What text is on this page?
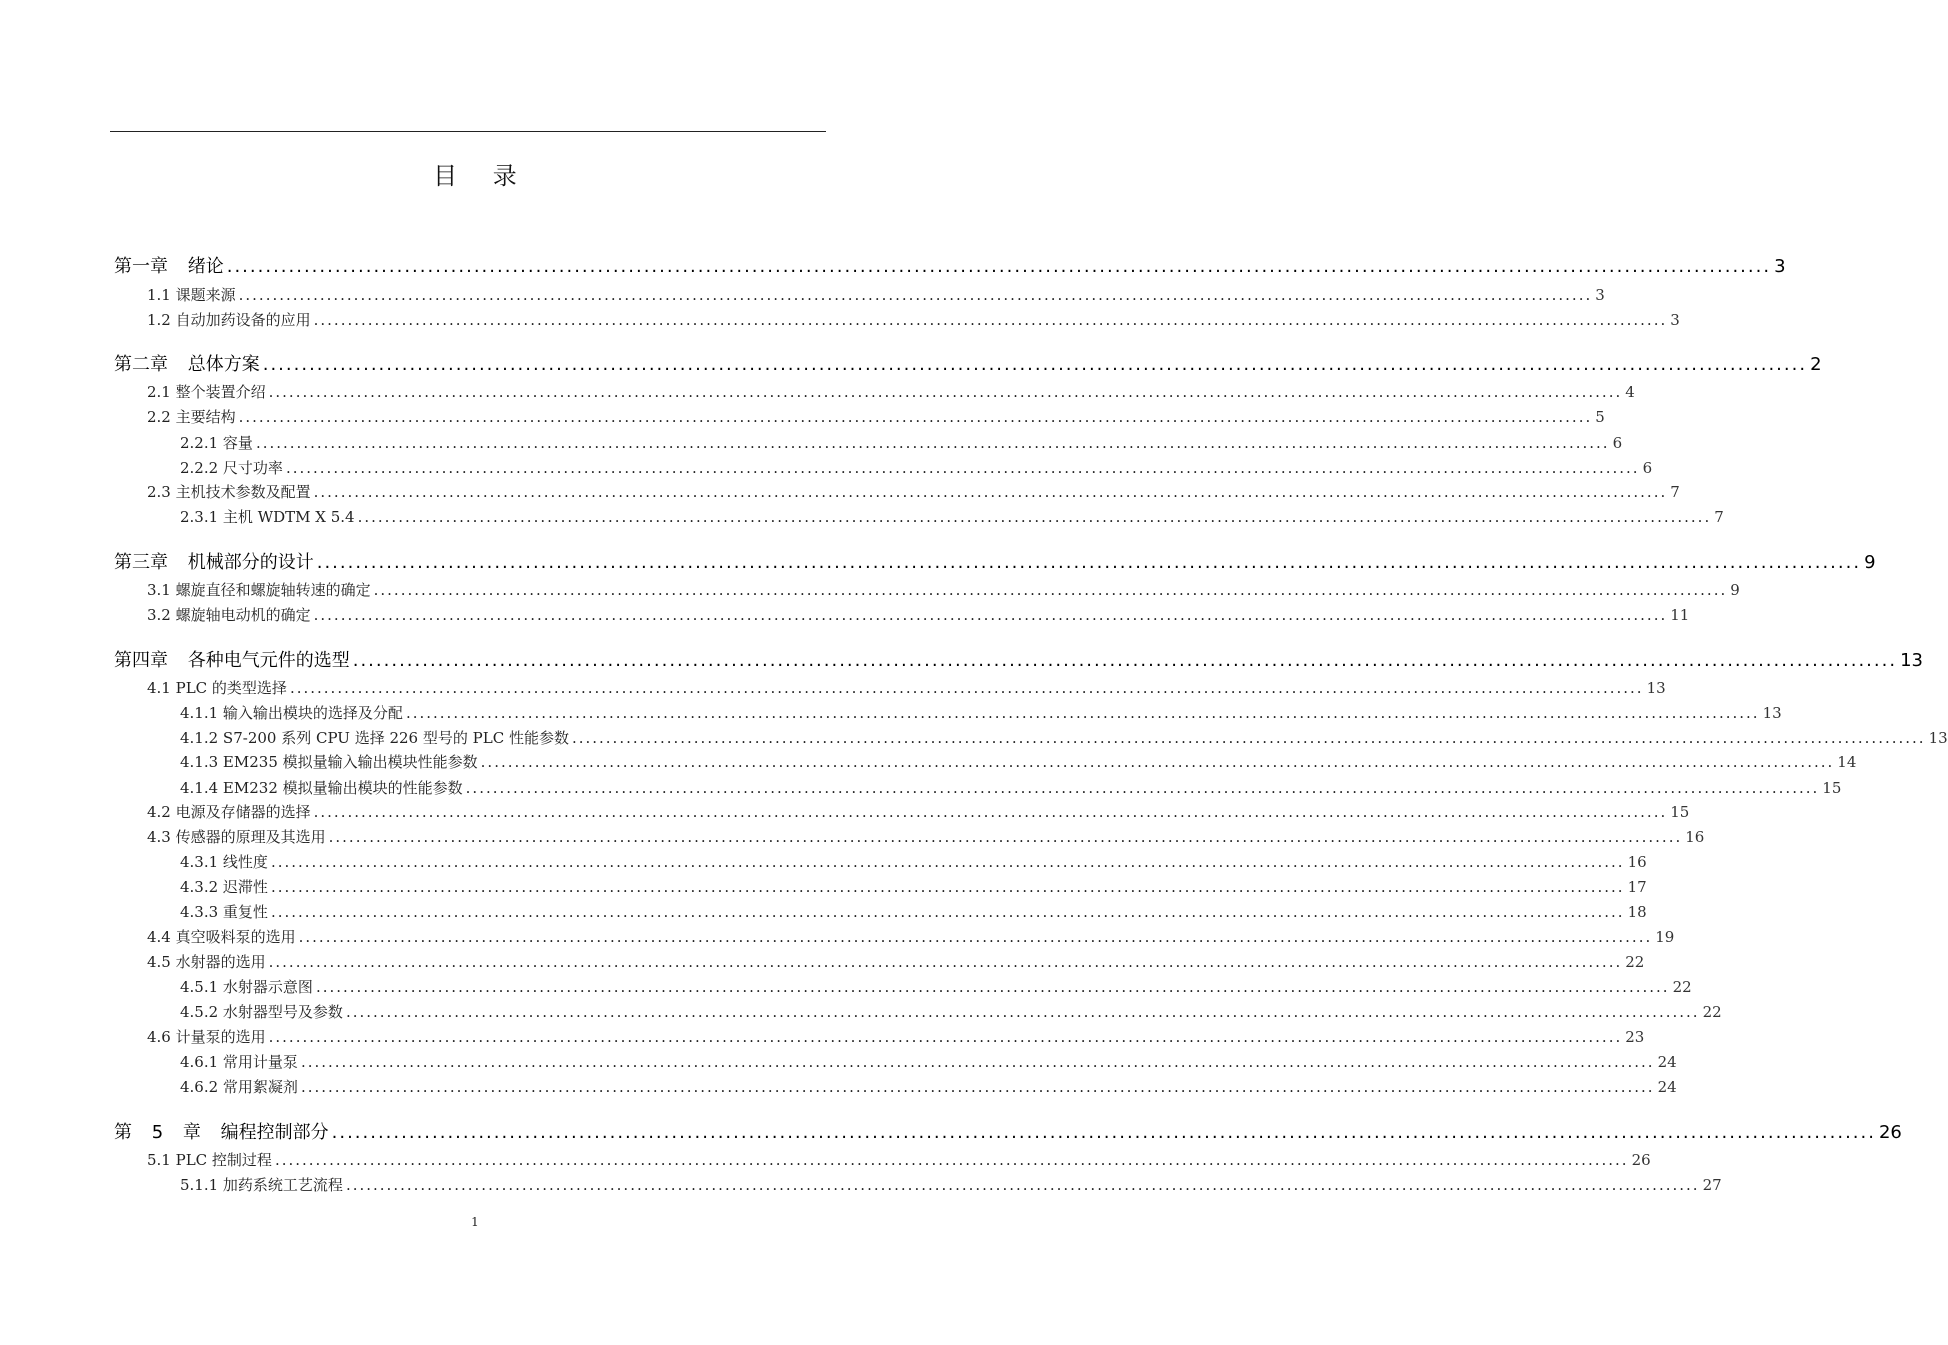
目 录
第一章 绪论 ........................................................................................................................................................................................................ 3
1.1 课题来源 ........................................................................................................................................................................................................ 3
1.2 自动加药设备的应用 ........................................................................................................................................................................................................ 3
第二章 总体方案 ........................................................................................................................................................................................................ 2
2.1 整个装置介绍 ........................................................................................................................................................................................................ 4
2.2 主要结构 ........................................................................................................................................................................................................ 5
2.2.1 容量 ........................................................................................................................................................................................................ 6
2.2.2 尺寸功率 ........................................................................................................................................................................................................ 6
2.3 主机技术参数及配置 ........................................................................................................................................................................................................ 7
2.3.1 主机 WDTM X 5.4 ........................................................................................................................................................................................................ 7
第三章 机械部分的设计 ........................................................................................................................................................................................................ 9
3.1 螺旋直径和螺旋轴转速的确定 ........................................................................................................................................................................................................ 9
3.2 螺旋轴电动机的确定 ........................................................................................................................................................................................................ 11
第四章 各种电气元件的选型 ........................................................................................................................................................................................................ 13
4.1 PLC 的类型选择 ........................................................................................................................................................................................................ 13
4.1.1 输入输出模块的选择及分配 ........................................................................................................................................................................................................ 13
4.1.2 S7-200 系列 CPU 选择 226 型号的 PLC 性能参数 ........................................................................................................................................................................................................ 13
4.1.3 EM235 模拟量输入输出模块性能参数 ........................................................................................................................................................................................................ 14
4.1.4 EM232 模拟量输出模块的性能参数 ........................................................................................................................................................................................................ 15
4.2 电源及存储器的选择 ........................................................................................................................................................................................................ 15
4.3 传感器的原理及其选用 ........................................................................................................................................................................................................ 16
4.3.1 线性度 ........................................................................................................................................................................................................ 16
4.3.2 迟滞性 ........................................................................................................................................................................................................ 17
4.3.3 重复性 ........................................................................................................................................................................................................ 18
4.4 真空吸料泵的选用 ........................................................................................................................................................................................................ 19
4.5 水射器的选用 ........................................................................................................................................................................................................ 22
4.5.1 水射器示意图 ........................................................................................................................................................................................................ 22
4.5.2 水射器型号及参数 ........................................................................................................................................................................................................ 22
4.6 计量泵的选用 ........................................................................................................................................................................................................ 23
4.6.1 常用计量泵 ........................................................................................................................................................................................................ 24
4.6.2 常用絮凝剂 ........................................................................................................................................................................................................ 24
第 5 章 编程控制部分 ........................................................................................................................................................................................................ 26
5.1 PLC 控制过程 ........................................................................................................................................................................................................ 26
5.1.1 加药系统工艺流程 ........................................................................................................................................................................................................ 27
1
